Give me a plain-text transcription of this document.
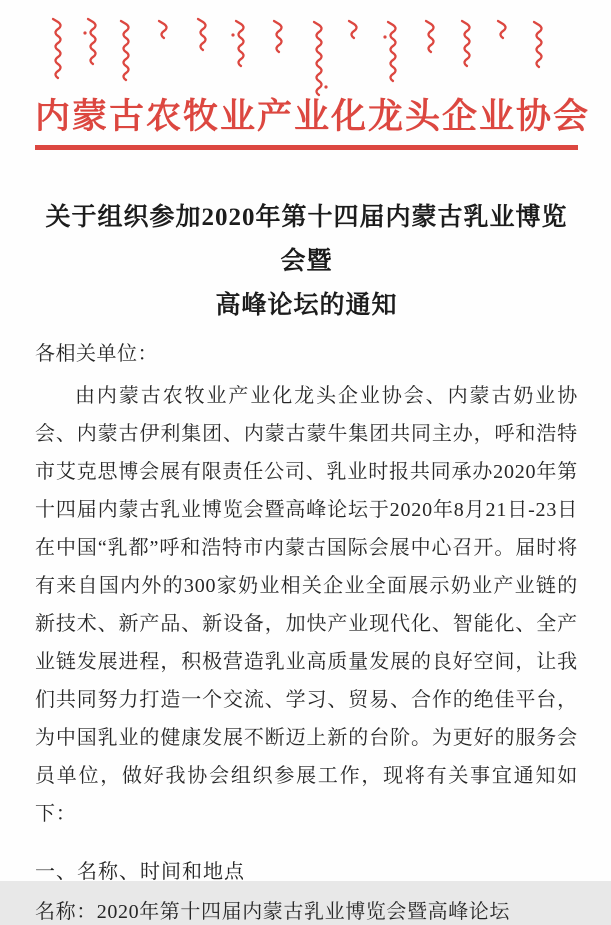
内蒙古农牧业产业化龙头企业协会
关于组织参加2020年第十四届内蒙古乳业博览会暨
高峰论坛的通知

各相关单位：

由内蒙古农牧业产业化龙头企业协会、内蒙古奶业协会、内蒙古伊利集团、内蒙古蒙牛集团共同主办，呼和浩特市艾克思博会展有限责任公司、乳业时报共同承办2020年第十四届内蒙古乳业博览会暨高峰论坛于2020年8月21日-23日在中国“乳都”呼和浩特市内蒙古国际会展中心召开。届时将有来自国内外的300家奶业相关企业全面展示奶业产业链的新技术、新产品、新设备，加快产业现代化、智能化、全产业链发展进程，积极营造乳业高质量发展的良好空间，让我们共同努力打造一个交流、学习、贸易、合作的绝佳平台，为中国乳业的健康发展不断迈上新的台阶。为更好的服务会员单位，做好我协会组织参展工作，现将有关事宜通知如下：

一、名称、时间和地点

名称：2020年第十四届内蒙古乳业博览会暨高峰论坛
